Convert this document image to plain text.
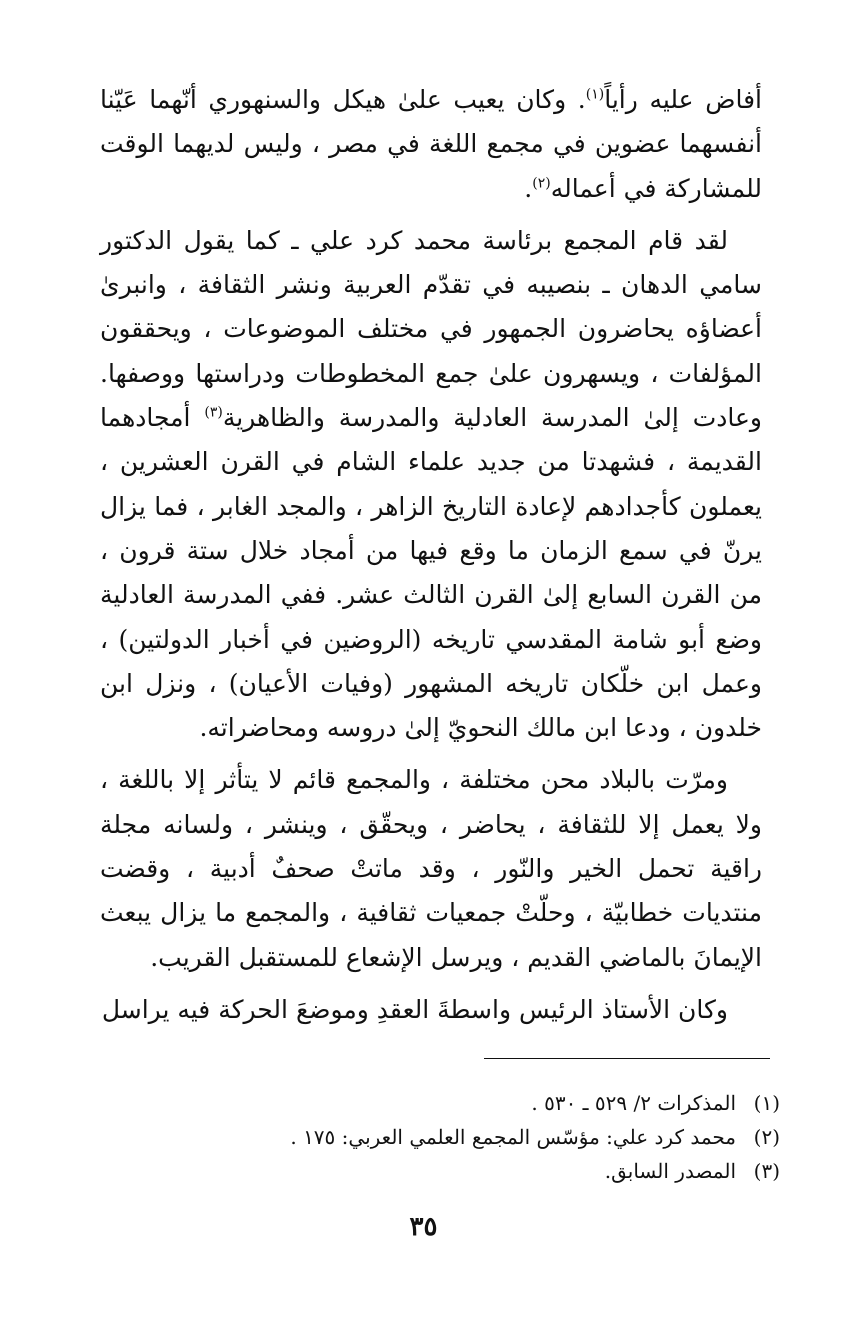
أفاض عليه رأياً$^{(١)}$. وكان يعيب علىٰ هيكل والسنهوري أنّهما عَيّنا أنفسهما عضوين في مجمع اللغة في مصر ، وليس لديهما الوقت للمشاركة في أعماله$^{(٢)}$.

لقد قام المجمع برئاسة محمد كرد علي ـ كما يقول الدكتور سامي الدهان ـ بنصيبه في تقدّم العربية ونشر الثقافة ، وانبرىٰ أعضاؤه يحاضرون الجمهور في مختلف الموضوعات ، ويحققون المؤلفات ، ويسهرون علىٰ جمع المخطوطات ودراستها ووصفها. وعادت إلىٰ المدرسة العادلية والمدرسة والظاهرية$^{(٣)}$ أمجادهما القديمة ، فشهدتا من جديد علماء الشام في القرن العشرين ، يعملون كأجدادهم لإعادة التاريخ الزاهر ، والمجد الغابر ، فما يزال يرنّ في سمع الزمان ما وقع فيها من أمجاد خلال ستة قرون ، من القرن السابع إلىٰ القرن الثالث عشر. ففي المدرسة العادلية وضع أبو شامة المقدسي تاريخه (الروضين في أخبار الدولتين) ، وعمل ابن خلّكان تاريخه المشهور (وفيات الأعيان) ، ونزل ابن خلدون ، ودعا ابن مالك النحويّ إلىٰ دروسه ومحاضراته.

ومرّت بالبلاد محن مختلفة ، والمجمع قائم لا يتأثر إلا باللغة ، ولا يعمل إلا للثقافة ، يحاضر ، ويحقّق ، وينشر ، ولسانه مجلة راقية تحمل الخير والنّور ، وقد ماتتْ صحفٌ أدبية ، وقضت منتديات خطابيّة ، وحلّتْ جمعيات ثقافية ، والمجمع ما يزال يبعث الإيمانَ بالماضي القديم ، ويرسل الإشعاع للمستقبل القريب.

وكان الأستاذ الرئيس واسطةَ العقدِ وموضعَ الحركة فيه يراسل

(١)المذكرات ٢/ ٥٢٩ ـ ٥٣٠ .
(٢)محمد كرد علي: مؤسّس المجمع العلمي العربي: ١٧٥ .
(٣)المصدر السابق.
٣٥
